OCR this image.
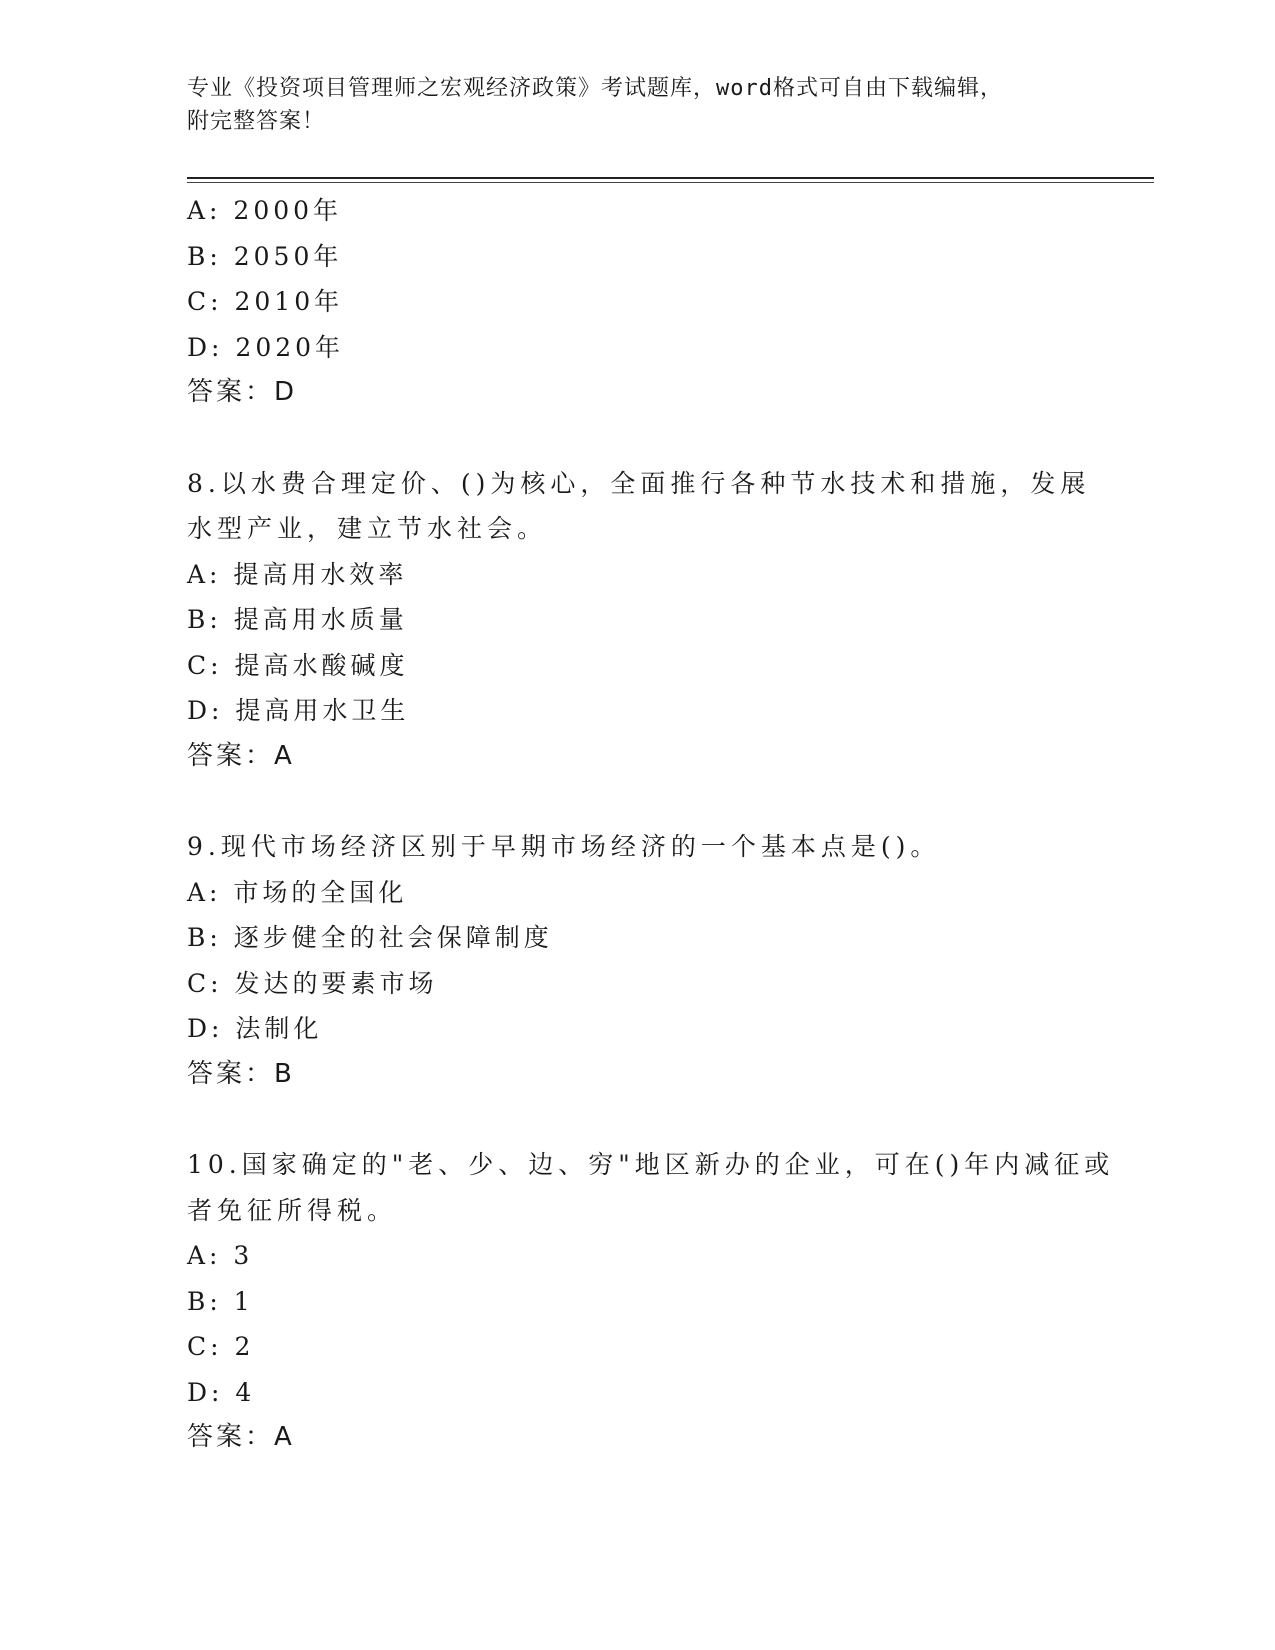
专业《投资项目管理师之宏观经济政策》考试题库，word格式可自由下载编辑，
附完整答案！
A: 2000年
B: 2050年
C: 2010年
D: 2020年
答案：D
8.以水费合理定价、()为核心，全面推行各种节水技术和措施，发展
水型产业，建立节水社会。
A: 提高用水效率
B: 提高用水质量
C: 提高水酸碱度
D: 提高用水卫生
答案：A
9.现代市场经济区别于早期市场经济的一个基本点是()。
A: 市场的全国化
B: 逐步健全的社会保障制度
C: 发达的要素市场
D: 法制化
答案：B
10.国家确定的"老、少、边、穷"地区新办的企业，可在()年内减征或
者免征所得税。
A: 3
B: 1
C: 2
D: 4
答案：A
